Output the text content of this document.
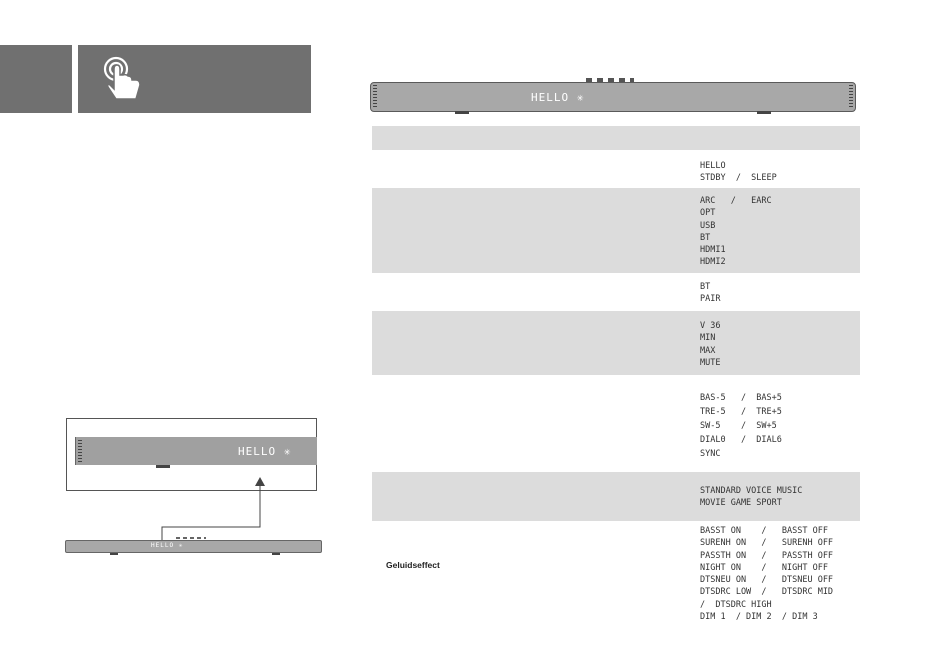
HELLO ✳
HELLO
STDBY  /  SLEEP
ARC   /   EARC
OPT
USB
BT
HDMI1
HDMI2
BT
PAIR
V 36
MIN
MAX
MUTE
BAS-5   /  BAS+5
TRE-5   /  TRE+5
SW-5    /  SW+5
DIAL0   /  DIAL6
SYNC
STANDARD VOICE MUSIC
MOVIE GAME SPORT
Geluidseffect
BASST ON    /   BASST OFF
SURENH ON   /   SURENH OFF
PASSTH ON   /   PASSTH OFF
NIGHT ON    /   NIGHT OFF
DTSNEU ON   /   DTSNEU OFF
DTSDRC LOW  /   DTSDRC MID
/  DTSDRC HIGH
DIM 1  / DIM 2  / DIM 3
HELLO ✳
HELLO ✳
